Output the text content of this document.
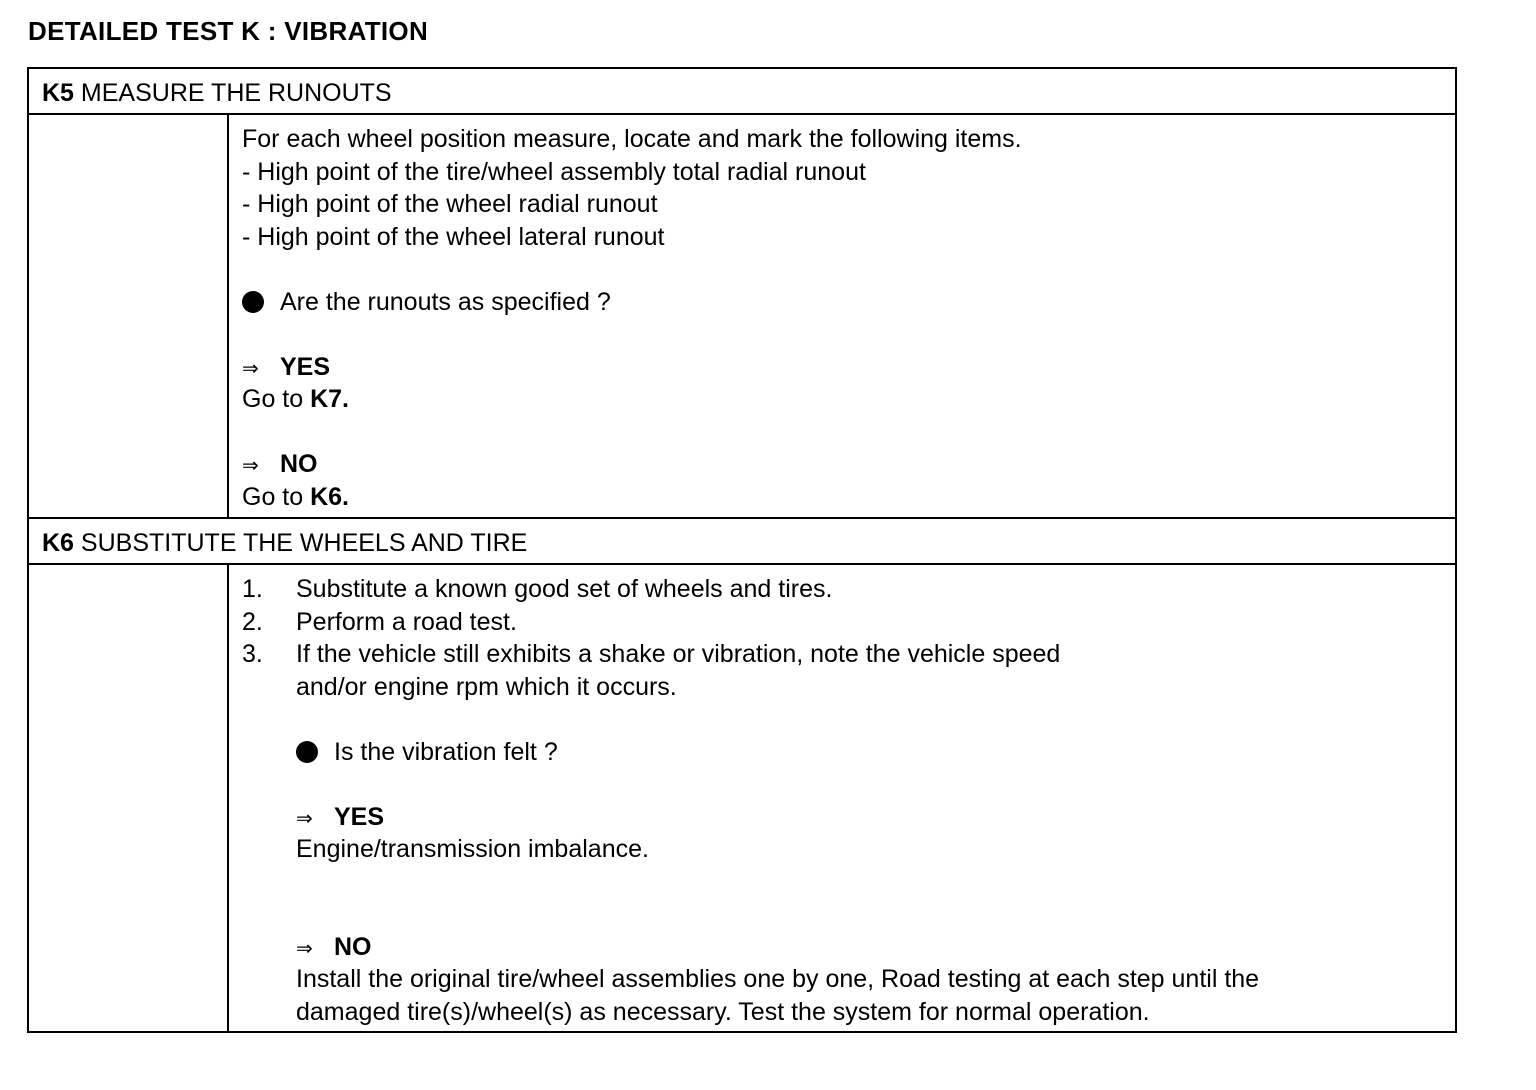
DETAILED TEST K : VIBRATION
K5 MEASURE THE RUNOUTS
For each wheel position measure, locate and mark the following items.
- High point of the tire/wheel assembly total radial runout
- High point of the wheel radial runout
- High point of the wheel lateral runout
Are the runouts as specified ?
⇒ YES
Go to K7.
⇒ NO
Go to K6.
K6 SUBSTITUTE THE WHEELS AND TIRE
1. Substitute a known good set of wheels and tires.
2. Perform a road test.
3. If the vehicle still exhibits a shake or vibration, note the vehicle speed
and/or engine rpm which it occurs.
Is the vibration felt ?
⇒ YES
Engine/transmission imbalance.
⇒ NO
Install the original tire/wheel assemblies one by one, Road testing at each step until the
damaged tire(s)/wheel(s) as necessary. Test the system for normal operation.
